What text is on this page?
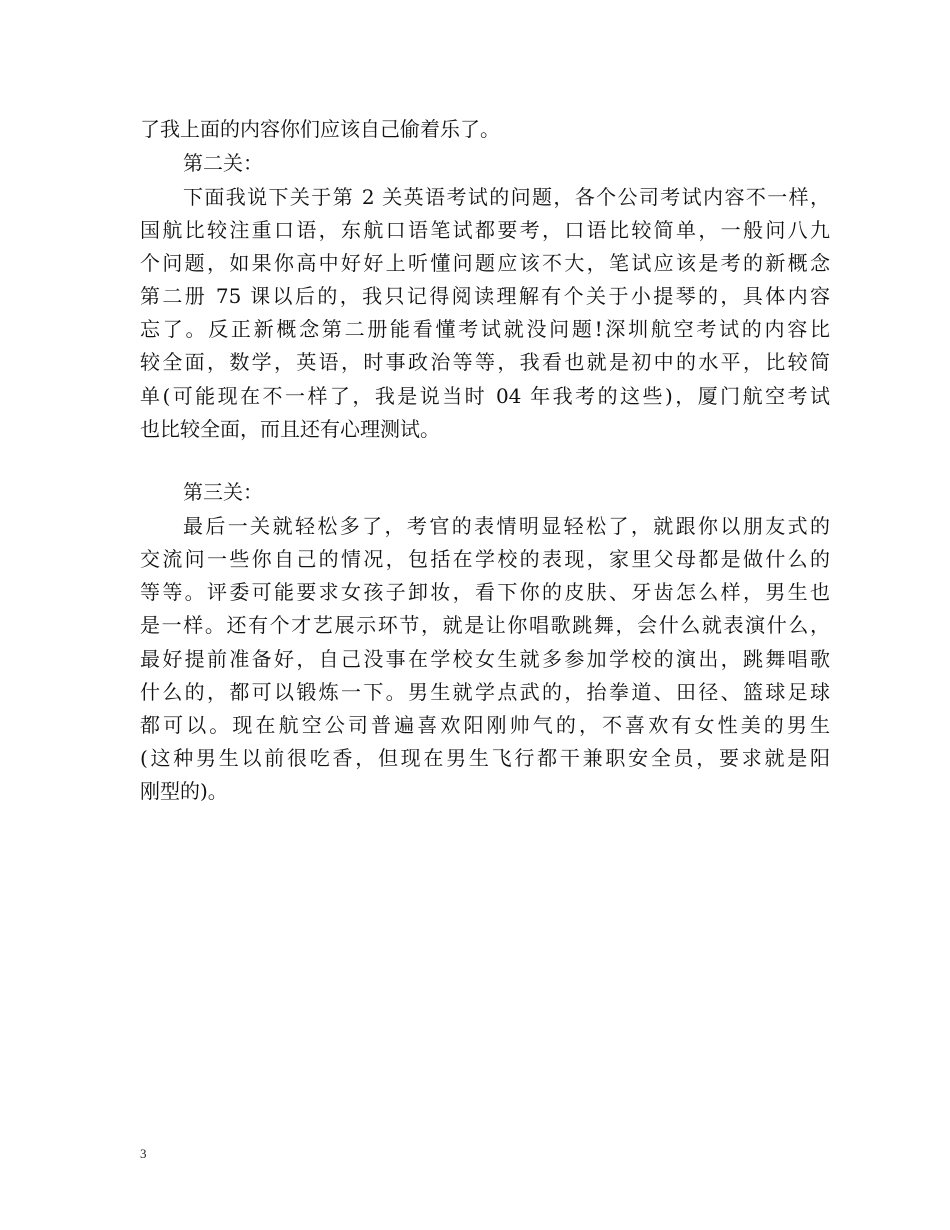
了我上面的内容你们应该自己偷着乐了。
第二关：
下面我说下关于第 2 关英语考试的问题，各个公司考试内容不一样，
国航比较注重口语，东航口语笔试都要考，口语比较简单，一般问八九
个问题，如果你高中好好上听懂问题应该不大，笔试应该是考的新概念
第二册 75 课以后的，我只记得阅读理解有个关于小提琴的，具体内容
忘了。反正新概念第二册能看懂考试就没问题!深圳航空考试的内容比
较全面，数学，英语，时事政治等等，我看也就是初中的水平，比较简
单(可能现在不一样了，我是说当时 04 年我考的这些)，厦门航空考试
也比较全面，而且还有心理测试。
第三关：
最后一关就轻松多了，考官的表情明显轻松了，就跟你以朋友式的
交流问一些你自己的情况，包括在学校的表现，家里父母都是做什么的
等等。评委可能要求女孩子卸妆，看下你的皮肤、牙齿怎么样，男生也
是一样。还有个才艺展示环节，就是让你唱歌跳舞，会什么就表演什么，
最好提前准备好，自己没事在学校女生就多参加学校的演出，跳舞唱歌
什么的，都可以锻炼一下。男生就学点武的，抬拳道、田径、篮球足球
都可以。现在航空公司普遍喜欢阳刚帅气的，不喜欢有女性美的男生
(这种男生以前很吃香，但现在男生飞行都干兼职安全员，要求就是阳
刚型的)。
3
